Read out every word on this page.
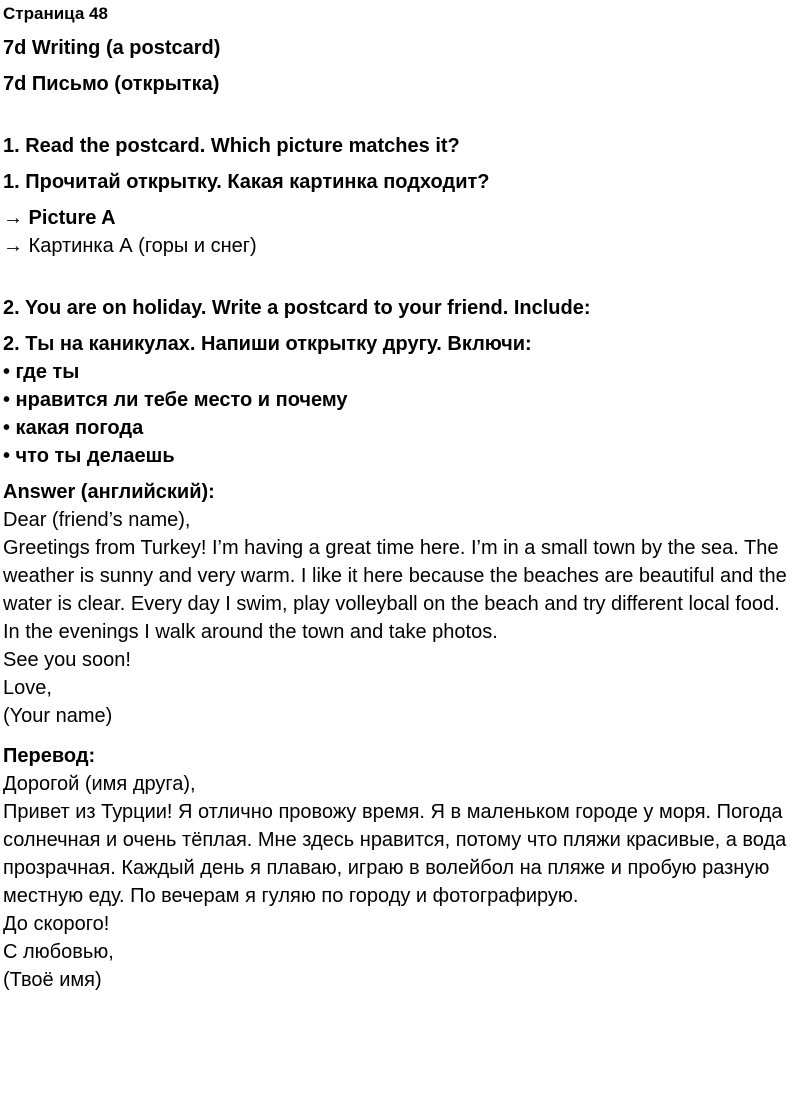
Страница 48
7d Writing (a postcard)
7d Письмо (открытка)
1. Read the postcard. Which picture matches it?
1. Прочитай открытку. Какая картинка подходит?
→ Picture A
→ Картинка А (горы и снег)
2. You are on holiday. Write a postcard to your friend. Include:
2. Ты на каникулах. Напиши открытку другу. Включи:
• где ты
• нравится ли тебе место и почему
• какая погода
• что ты делаешь
Answer (английский):
Dear (friend’s name),
Greetings from Turkey! I’m having a great time here. I’m in a small town by the sea. The weather is sunny and very warm. I like it here because the beaches are beautiful and the water is clear. Every day I swim, play volleyball on the beach and try different local food. In the evenings I walk around the town and take photos.
See you soon!
Love,
(Your name)
Перевод:
Дорогой (имя друга),
Привет из Турции! Я отлично провожу время. Я в маленьком городе у моря. Погода солнечная и очень тёплая. Мне здесь нравится, потому что пляжи красивые, а вода прозрачная. Каждый день я плаваю, играю в волейбол на пляже и пробую разную местную еду. По вечерам я гуляю по городу и фотографирую.
До скорого!
С любовью,
(Твоё имя)
